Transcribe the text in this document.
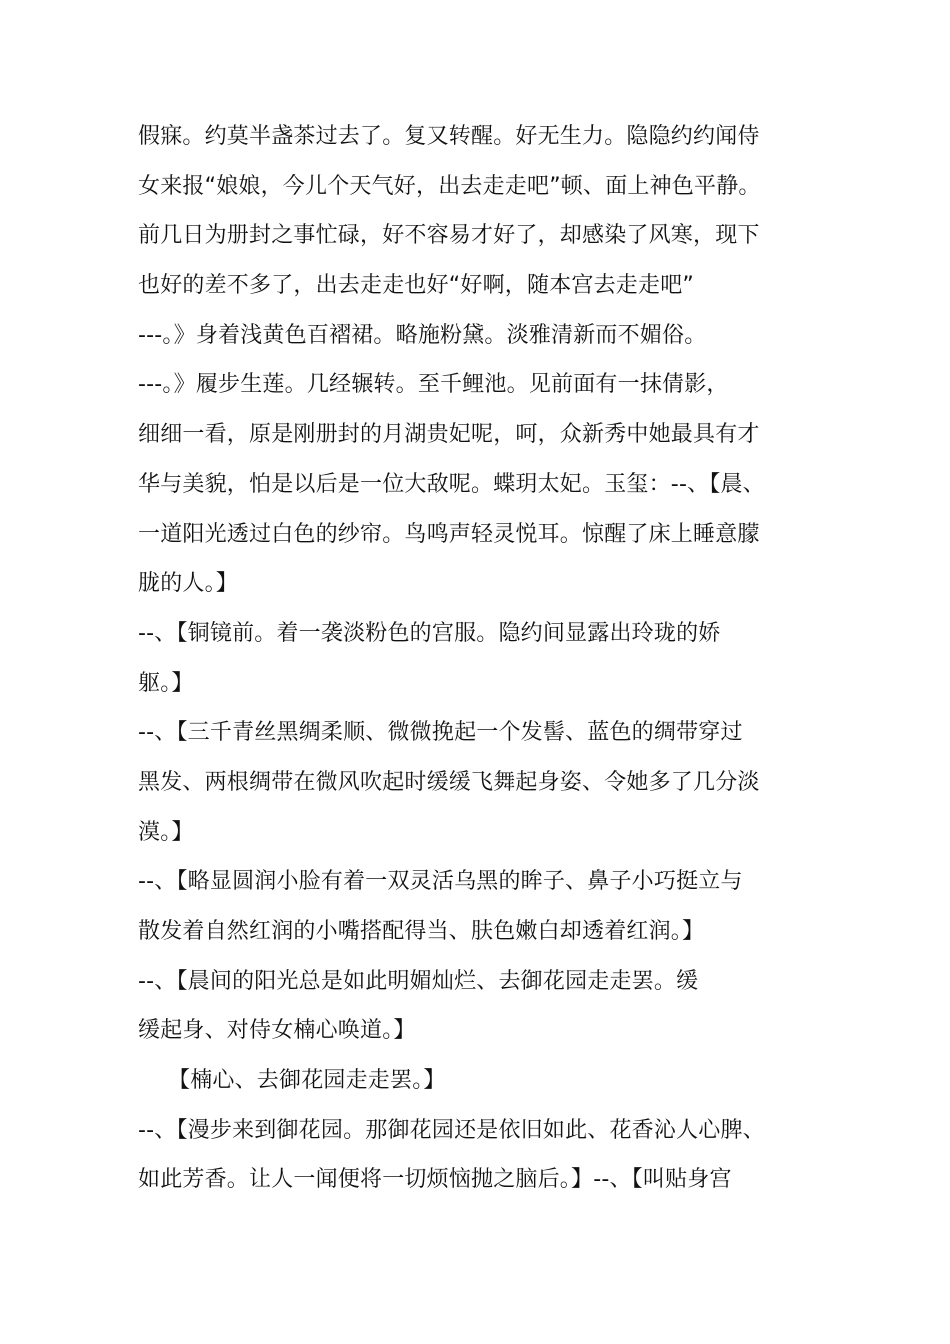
假寐。约莫半盏茶过去了。复又转醒。好无生力。隐隐约约闻侍
女来报“娘娘，今儿个天气好，出去走走吧”顿、面上神色平静。
前几日为册封之事忙碌，好不容易才好了，却感染了风寒，现下
也好的差不多了，出去走走也好“好啊，随本宫去走走吧”
---。》身着浅黄色百褶裙。略施粉黛。淡雅清新而不媚俗。
---。》履步生莲。几经辗转。至千鲤池。见前面有一抹倩影，
细细一看，原是刚册封的月湖贵妃呢，呵，众新秀中她最具有才
华与美貌，怕是以后是一位大敌呢。蝶玥太妃。玉玺：--、【晨、
一道阳光透过白色的纱帘。鸟鸣声轻灵悦耳。惊醒了床上睡意朦
胧的人。】
--、【铜镜前。着一袭淡粉色的宫服。隐约间显露出玲珑的娇
躯。】
--、【三千青丝黑绸柔顺、微微挽起一个发髻、蓝色的绸带穿过
黑发、两根绸带在微风吹起时缓缓飞舞起身姿、令她多了几分淡
漠。】
--、【略显圆润小脸有着一双灵活乌黑的眸子、鼻子小巧挺立与
散发着自然红润的小嘴搭配得当、肤色嫩白却透着红润。】
--、【晨间的阳光总是如此明媚灿烂、去御花园走走罢。缓
缓起身、对侍女楠心唤道。】
【楠心、去御花园走走罢。】
--、【漫步来到御花园。那御花园还是依旧如此、花香沁人心脾、
如此芳香。让人一闻便将一切烦恼抛之脑后。】--、【叫贴身宫
